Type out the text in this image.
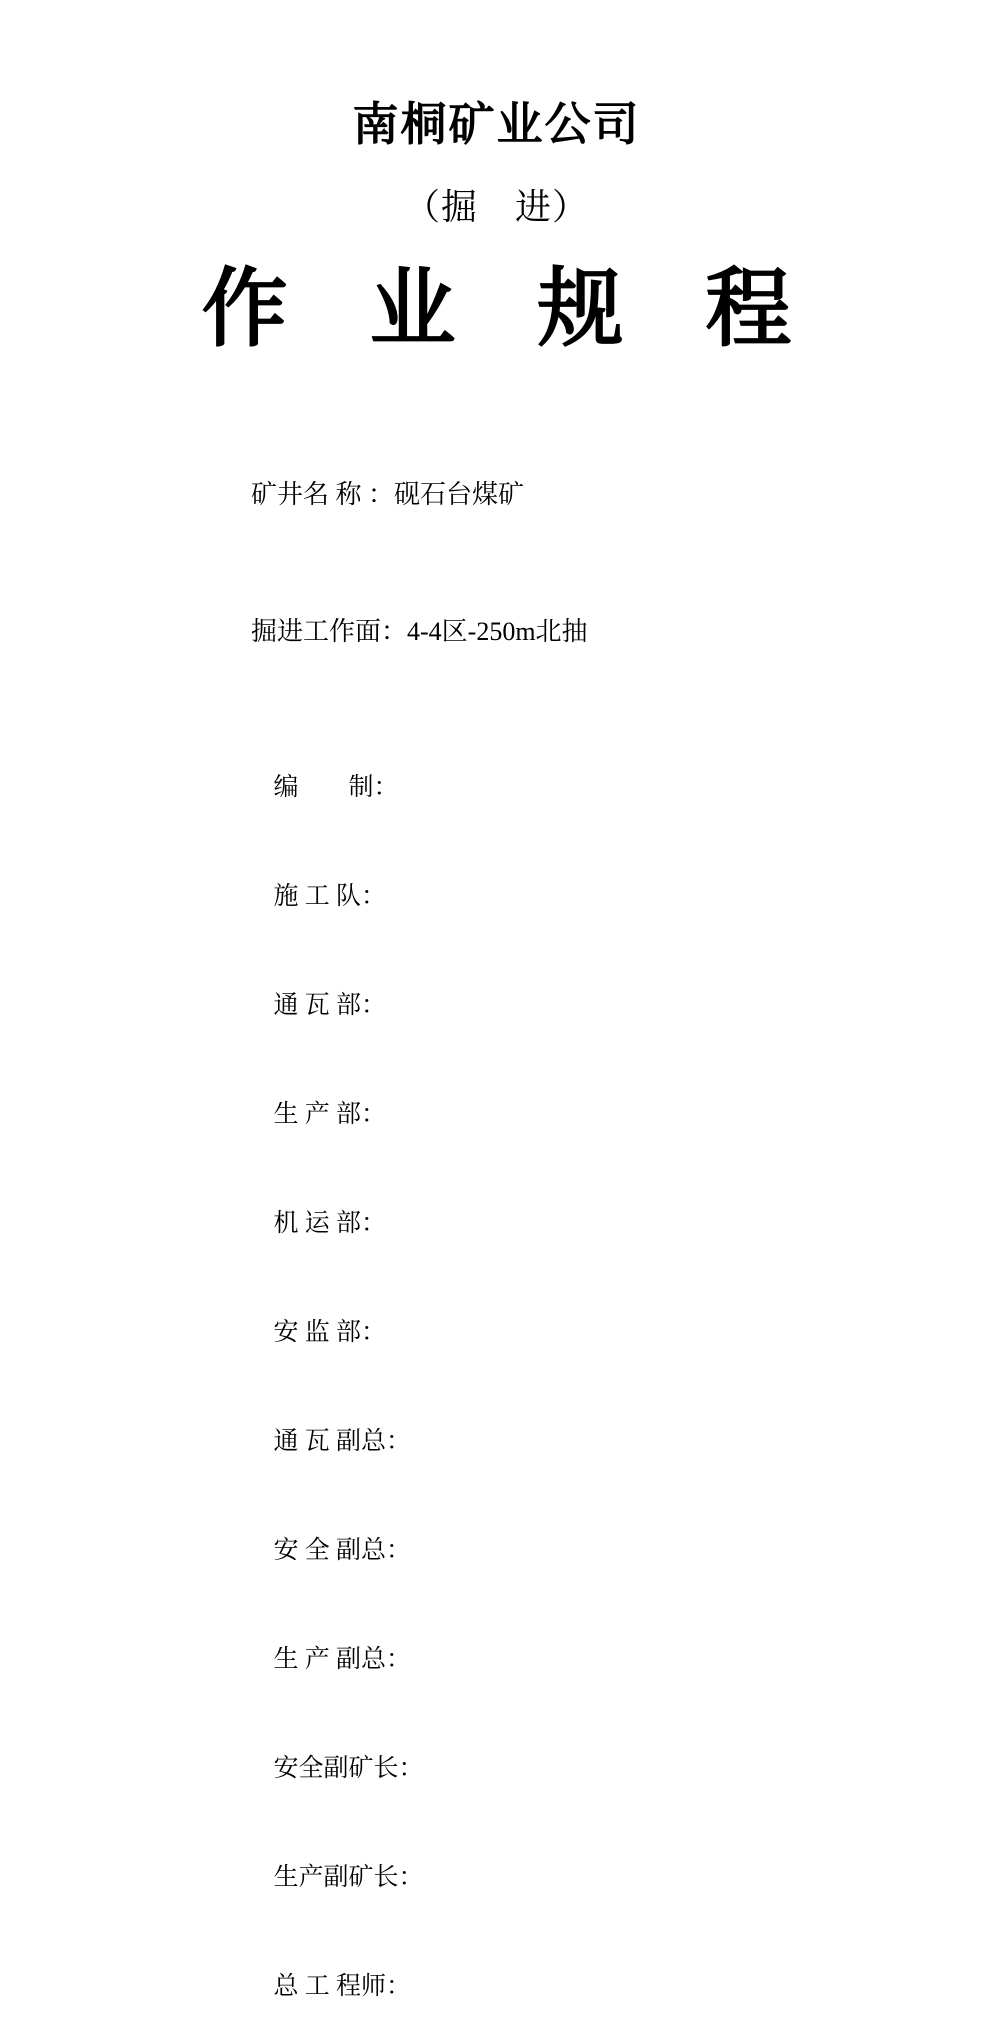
南桐矿业公司
（掘　进）
作 业 规 程

矿井名 称 ：砚石台煤矿

掘进工作面：4-4区-250m北抽

编　　制：

施 工 队：

通 瓦 部：

生 产 部：

机 运 部：

安 监 部：

通 瓦 副总：

安 全 副总：

生 产 副总：

安全副矿长：

生产副矿长：

总 工 程师：
